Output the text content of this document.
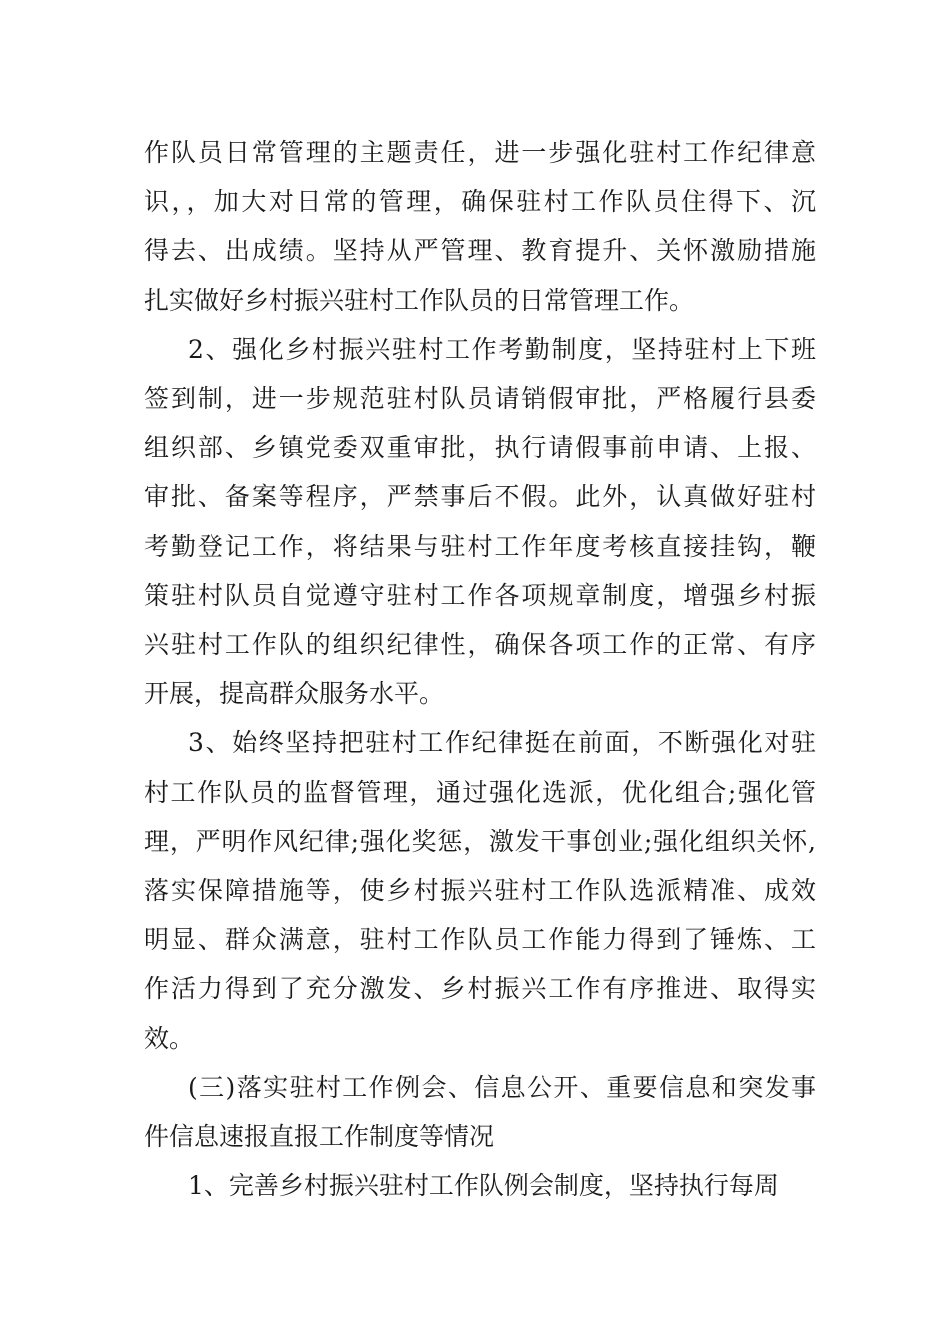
作队员日常管理的主题责任，进一步强化驻村工作纪律意
识，，加大对日常的管理，确保驻村工作队员住得下、沉
得去、出成绩。坚持从严管理、教育提升、关怀激励措施
扎实做好乡村振兴驻村工作队员的日常管理工作。
2、强化乡村振兴驻村工作考勤制度，坚持驻村上下班
签到制，进一步规范驻村队员请销假审批，严格履行县委
组织部、乡镇党委双重审批，执行请假事前申请、上报、
审批、备案等程序，严禁事后不假。此外，认真做好驻村
考勤登记工作，将结果与驻村工作年度考核直接挂钩，鞭
策驻村队员自觉遵守驻村工作各项规章制度，增强乡村振
兴驻村工作队的组织纪律性，确保各项工作的正常、有序
开展，提高群众服务水平。
3、始终坚持把驻村工作纪律挺在前面，不断强化对驻
村工作队员的监督管理，通过强化选派，优化组合;强化管
理，严明作风纪律;强化奖惩，激发干事创业;强化组织关怀,
落实保障措施等，使乡村振兴驻村工作队选派精准、成效
明显、群众满意，驻村工作队员工作能力得到了锤炼、工
作活力得到了充分激发、乡村振兴工作有序推进、取得实
效。
(三)落实驻村工作例会、信息公开、重要信息和突发事
件信息速报直报工作制度等情况
1、完善乡村振兴驻村工作队例会制度，坚持执行每周
